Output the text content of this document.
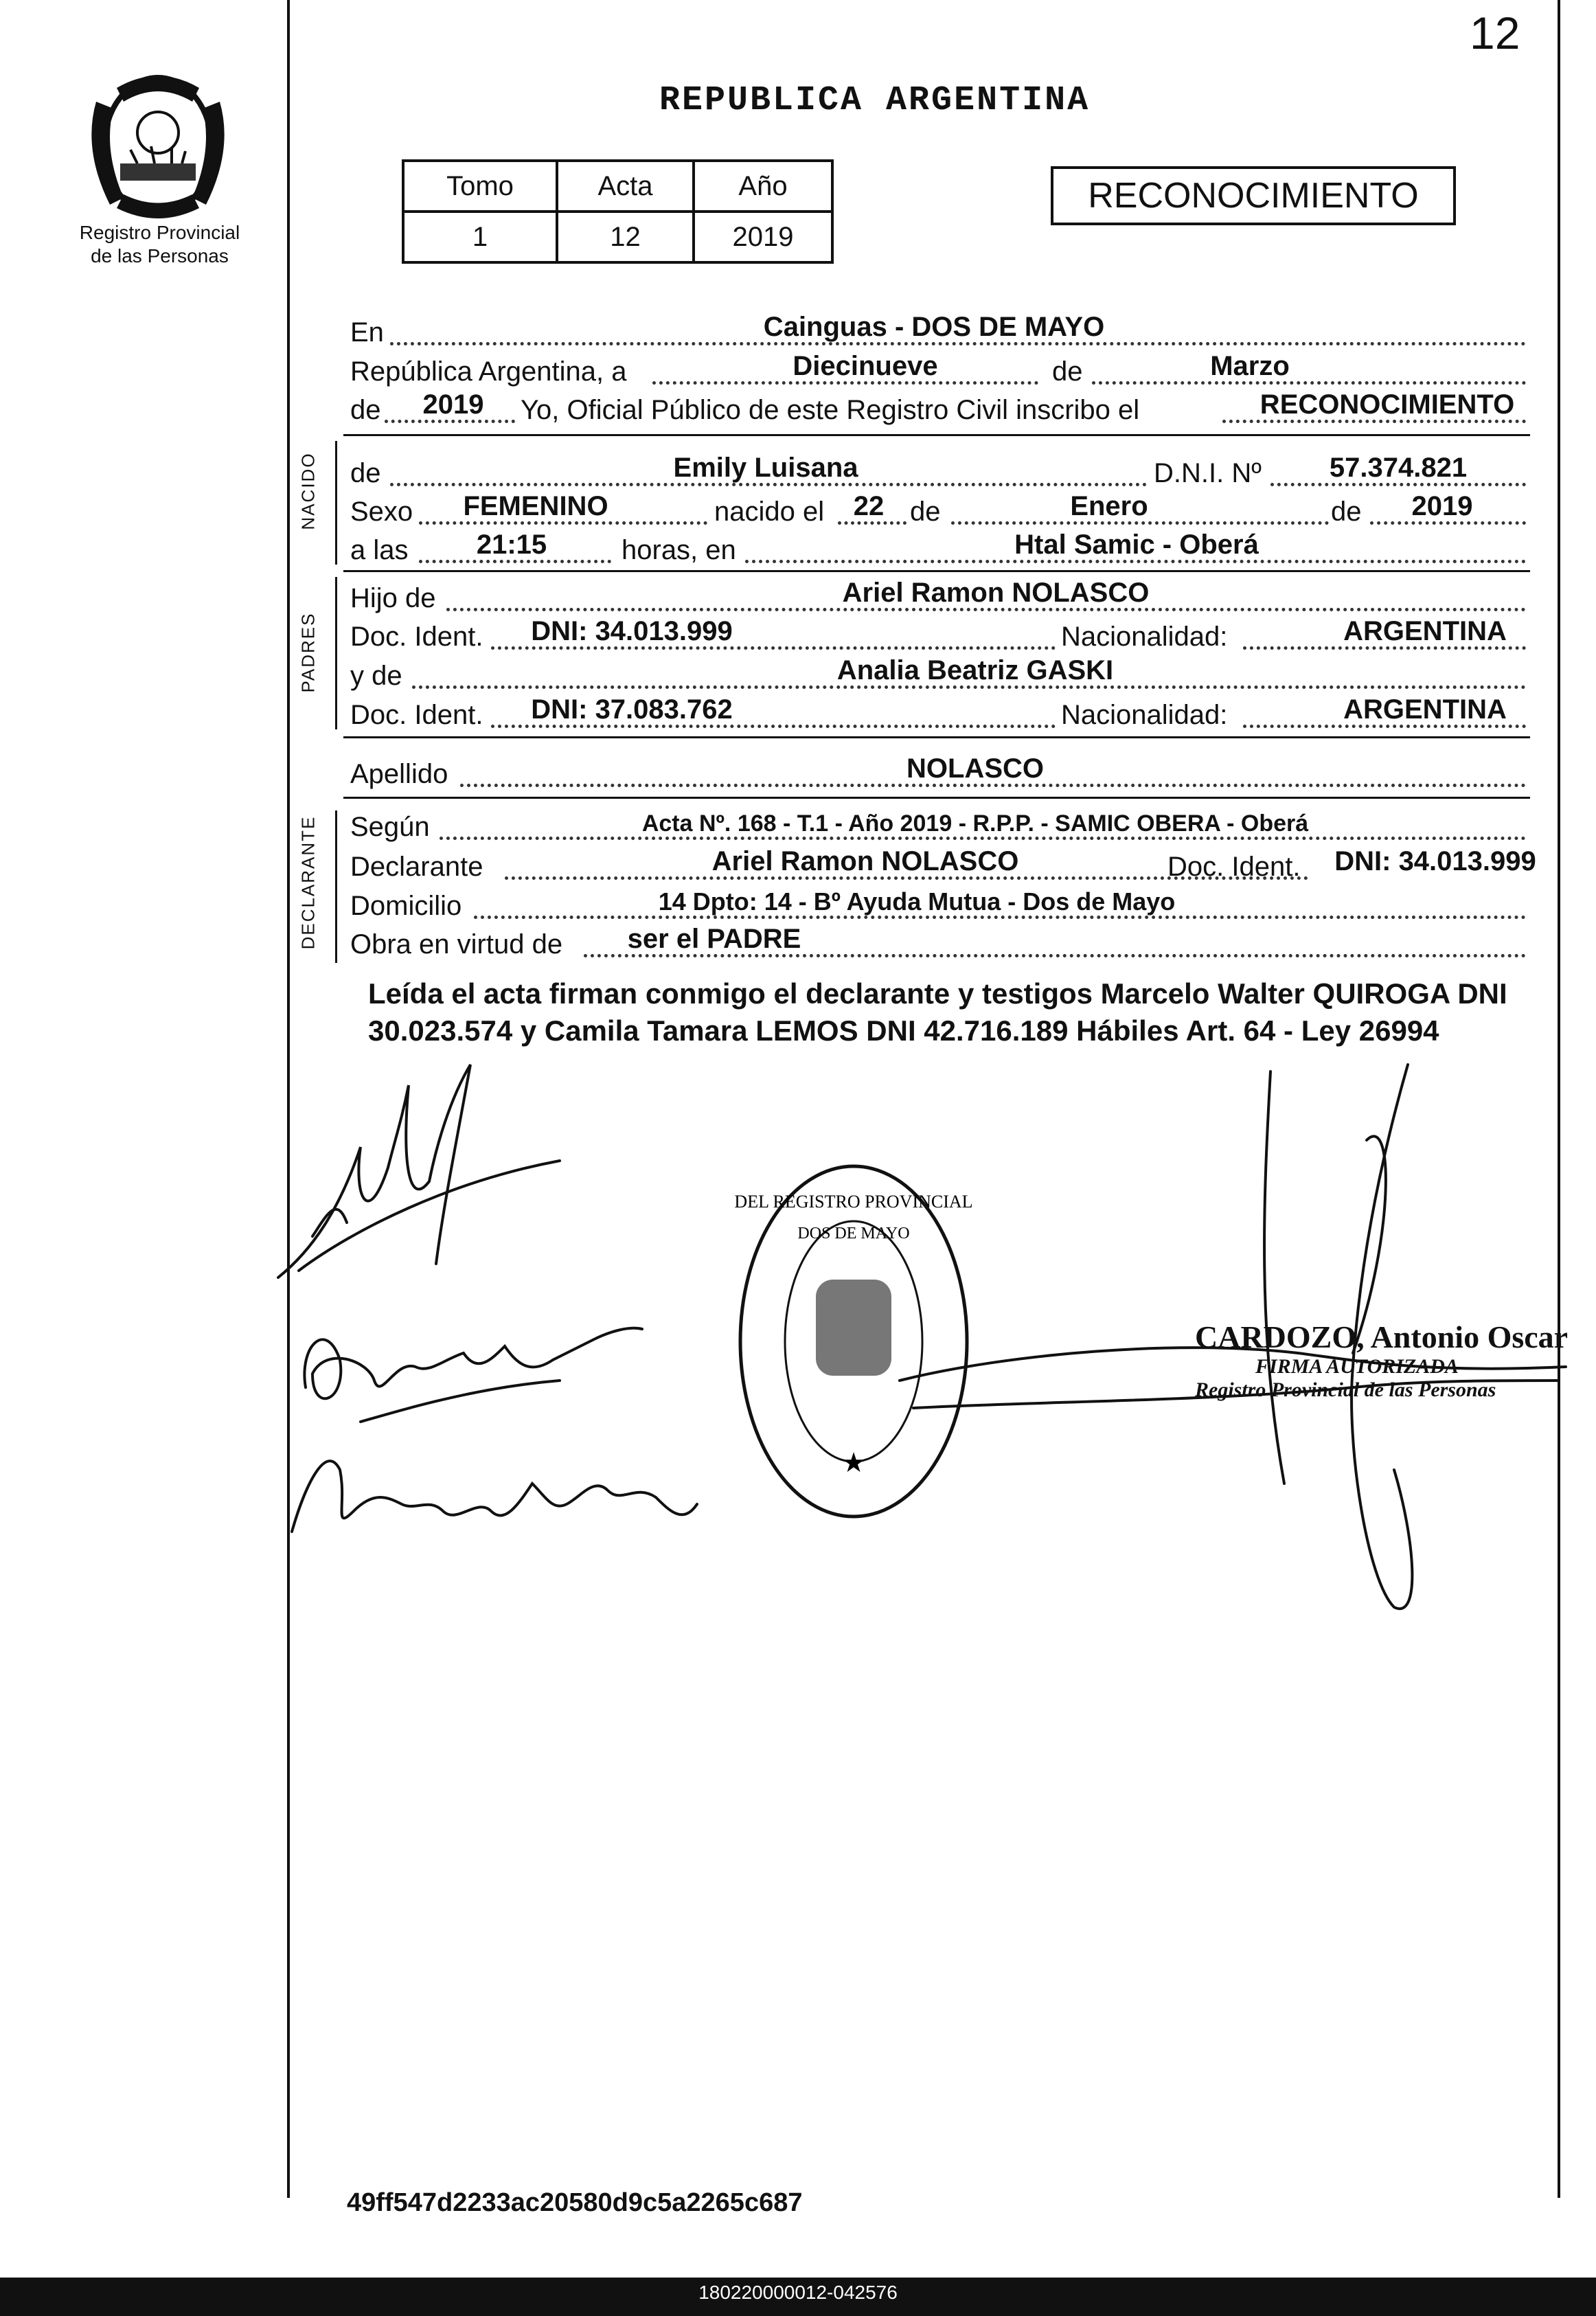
12
REPUBLICA ARGENTINA
Registro Provincial
de las Personas
Tomo	Acta	Año
1	12	2019
RECONOCIMIENTO
En	Cainguas - DOS DE MAYO
República Argentina, a	Diecinueve	de	Marzo
de 2019 Yo, Oficial Público de este Registro Civil inscribo el	RECONOCIMIENTO
NACIDO de	Emily Luisana	D.N.I. Nº 57.374.821
Sexo FEMENINO	nacido el 22 de	Enero	de 2019
a las 21:15	horas, en	Htal Samic - Oberá
PADRES
Hijo de	Ariel Ramon NOLASCO
Doc. Ident. DNI: 34.013.999	Nacionalidad:	ARGENTINA
y de	Analia Beatriz GASKI
Doc. Ident. DNI: 37.083.762	Nacionalidad:	ARGENTINA
Apellido	NOLASCO
DECLARANTE Según	Acta Nº. 168 - T.1 - Año 2019 - R.P.P. - SAMIC OBERA - Oberá
Declarante	Ariel Ramon NOLASCO	Doc. Ident. DNI: 34.013.999
Domicilio	14 Dpto: 14 - Bº Ayuda Mutua - Dos de Mayo
Obra en virtud de ser el PADRE
Leída el acta firman conmigo el declarante y testigos Marcelo Walter QUIROGA DNI 30.023.574 y Camila Tamara LEMOS DNI 42.716.189 Hábiles Art. 64 - Ley 26994
★
DEL REGISTRO PROVINCIAL
DOS DE MAYO
CARDOZO, Antonio Oscar
FIRMA AUTORIZADA
Registro Provincial de las Personas
49ff547d2233ac20580d9c5a2265c687
180220000012-042576
